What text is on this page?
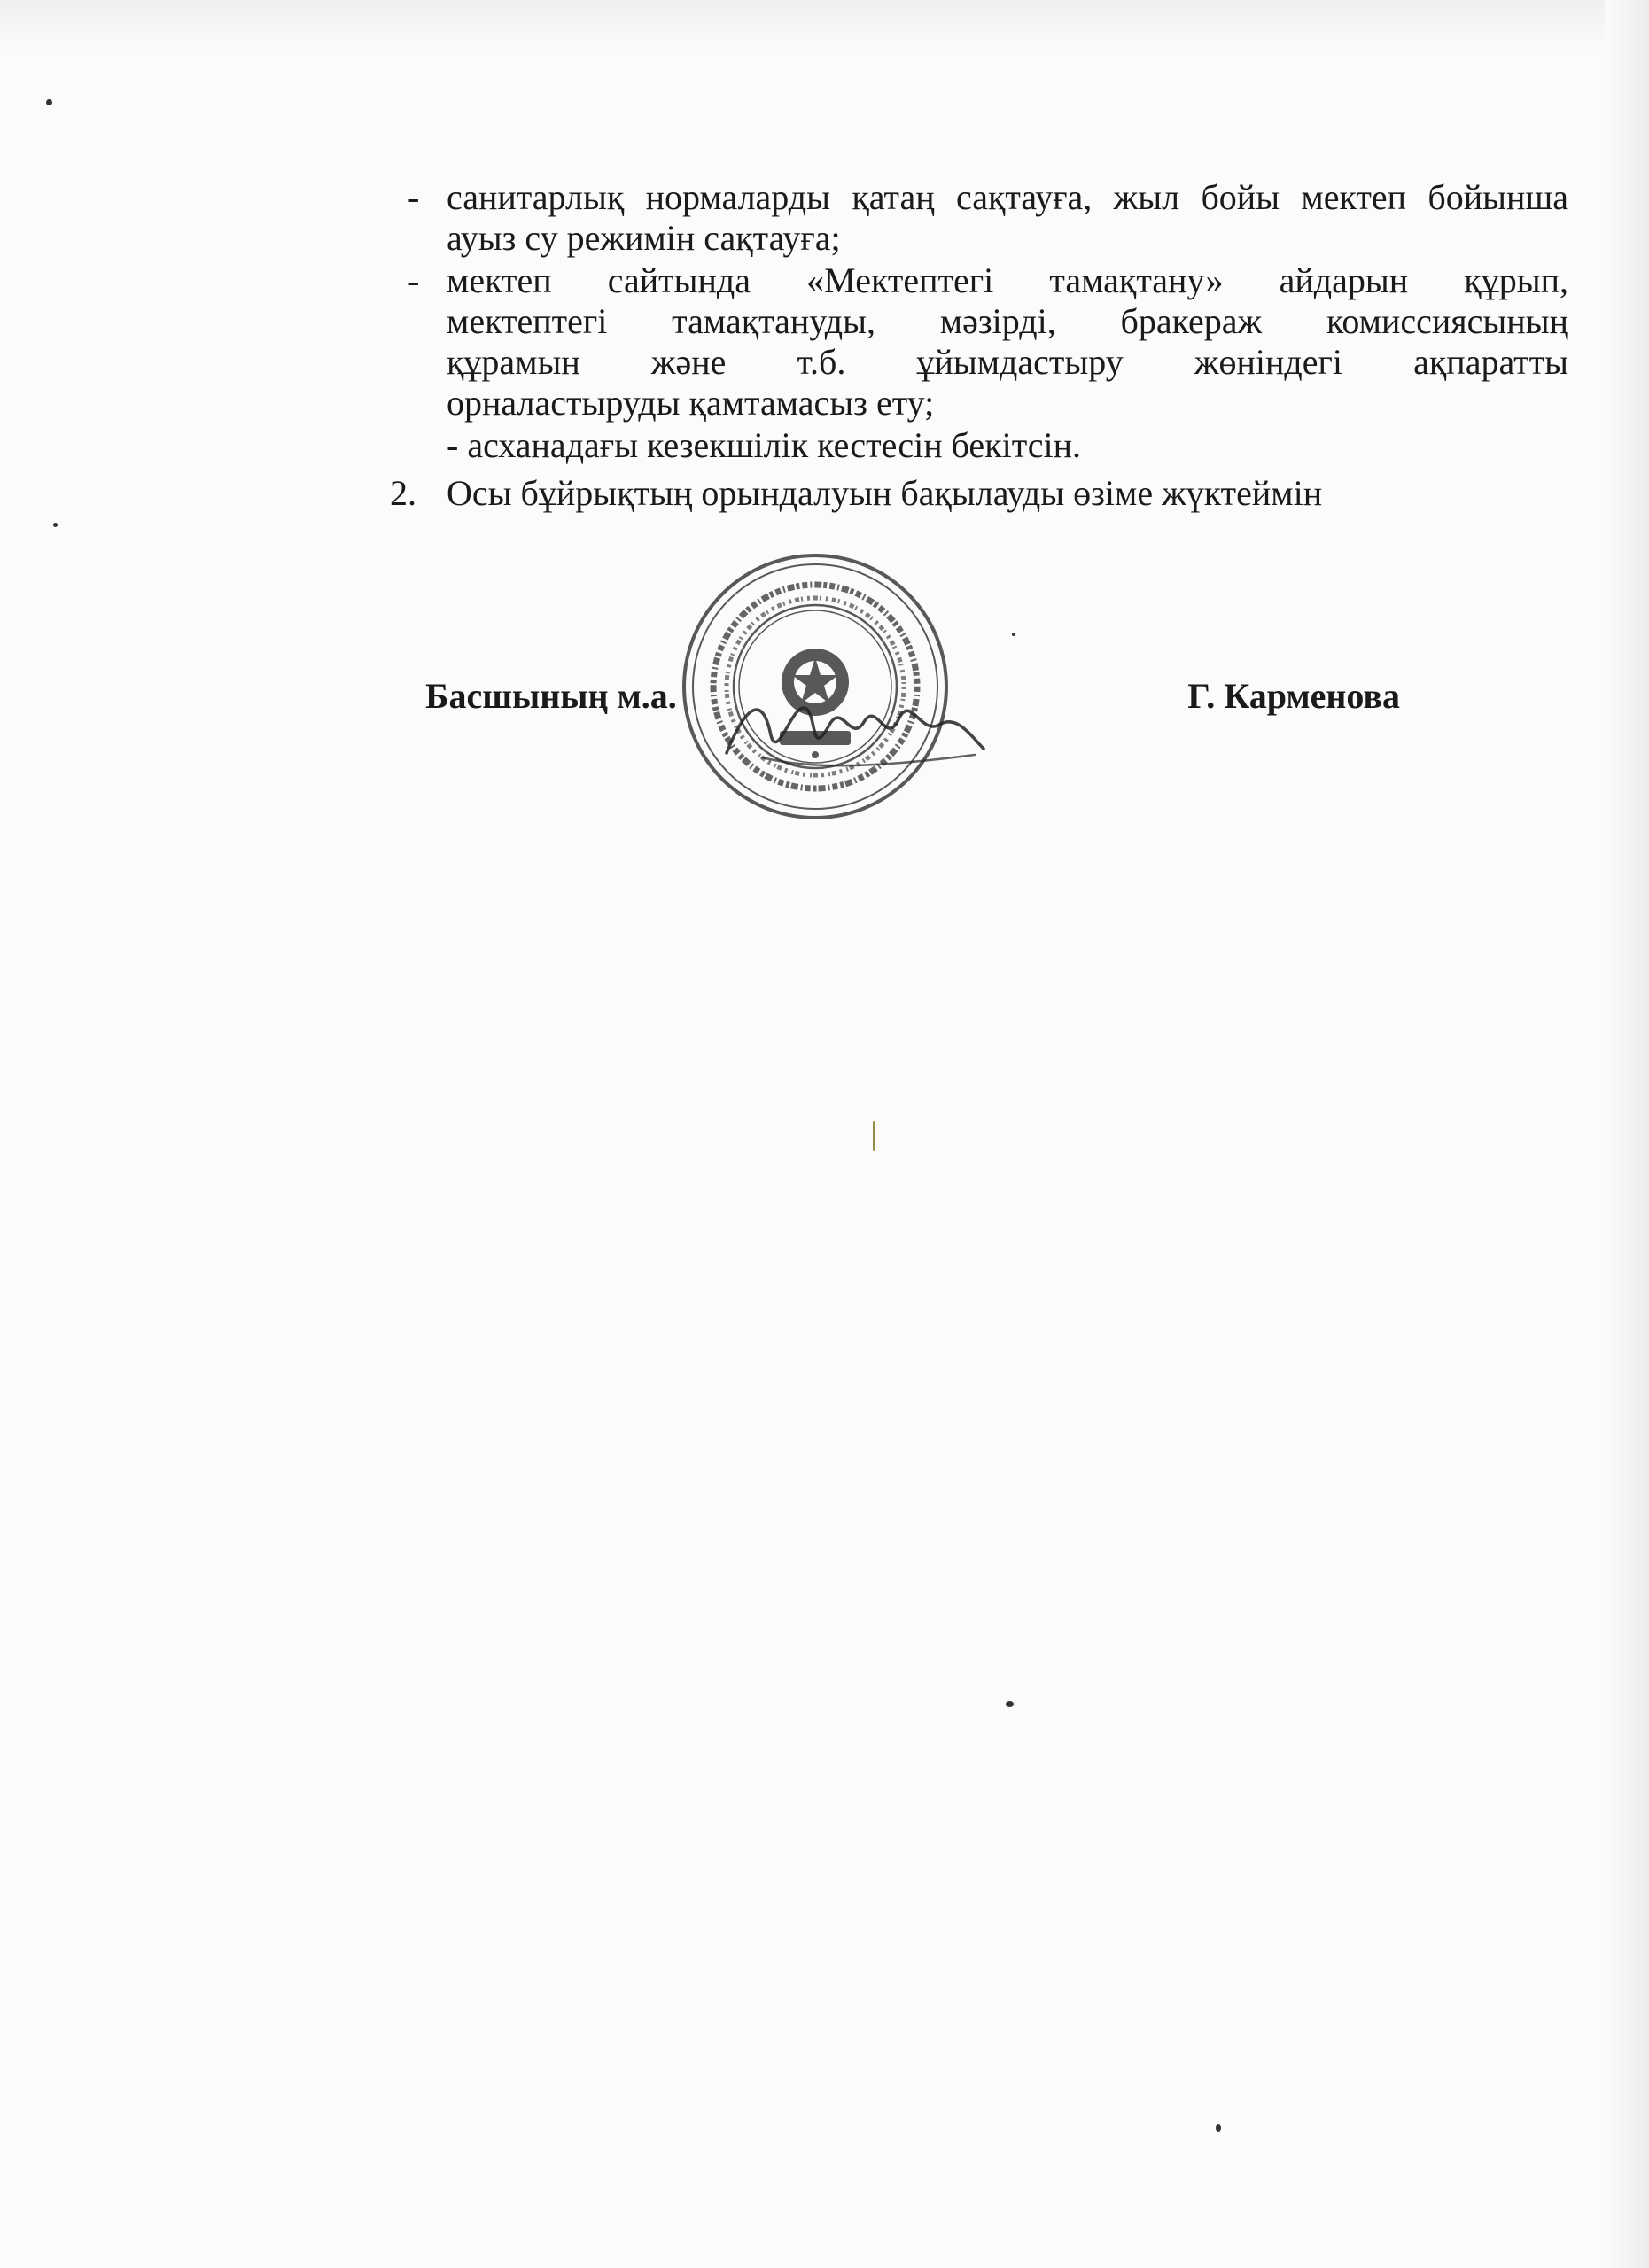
- санитарлық нормаларды қатаң сақтауға, жыл бойы мектеп бойынша
ауыз су режимін сақтауға;
- мектеп сайтында «Мектептегі тамақтану» айдарын құрып,
мектептегі тамақтануды, мәзірді, бракераж комиссиясының
құрамын және т.б. ұйымдастыру жөніндегі ақпаратты
орналастыруды қамтамасыз ету;
- асханадағы кезекшілік кестесін бекітсін.
2. Осы бұйрықтың орындалуын бақылауды өзіме жүктеймін
Басшының м.а.	Г. Карменова
